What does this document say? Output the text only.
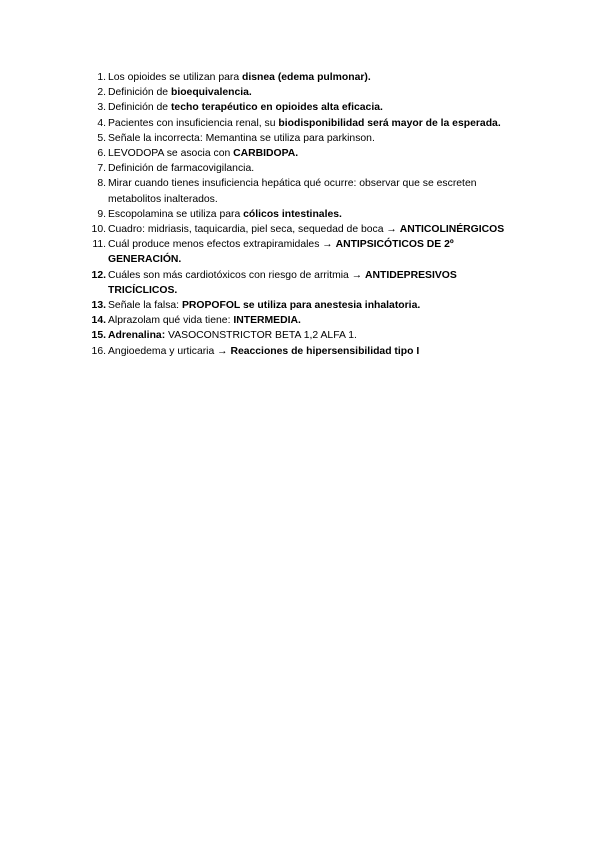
1. Los opioides se utilizan para disnea (edema pulmonar).
2. Definición de bioequivalencia.
3. Definición de techo terapéutico en opioides alta eficacia.
4. Pacientes con insuficiencia renal, su biodisponibilidad será mayor de la esperada.
5. Señale la incorrecta: Memantina se utiliza para parkinson.
6. LEVODOPA se asocia con CARBIDOPA.
7. Definición de farmacovigilancia.
8. Mirar cuando tienes insuficiencia hepática qué ocurre: observar que se escreten metabolitos inalterados.
9. Escopolamina se utiliza para cólicos intestinales.
10. Cuadro: midriasis, taquicardia, piel seca, sequedad de boca → ANTICOLINÉRGICOS
11. Cuál produce menos efectos extrapiramidales → ANTIPSICÓTICOS DE 2º GENERACIÓN.
12. Cuáles son más cardiotóxicos con riesgo de arritmia → ANTIDEPRESIVOS TRICÍCLICOS.
13. Señale la falsa: PROPOFOL se utiliza para anestesia inhalatoria.
14. Alprazolam qué vida tiene: INTERMEDIA.
15. Adrenalina: VASOCONSTRICTOR BETA 1,2 ALFA 1.
16. Angioedema y urticaria → Reacciones de hipersensibilidad tipo I
